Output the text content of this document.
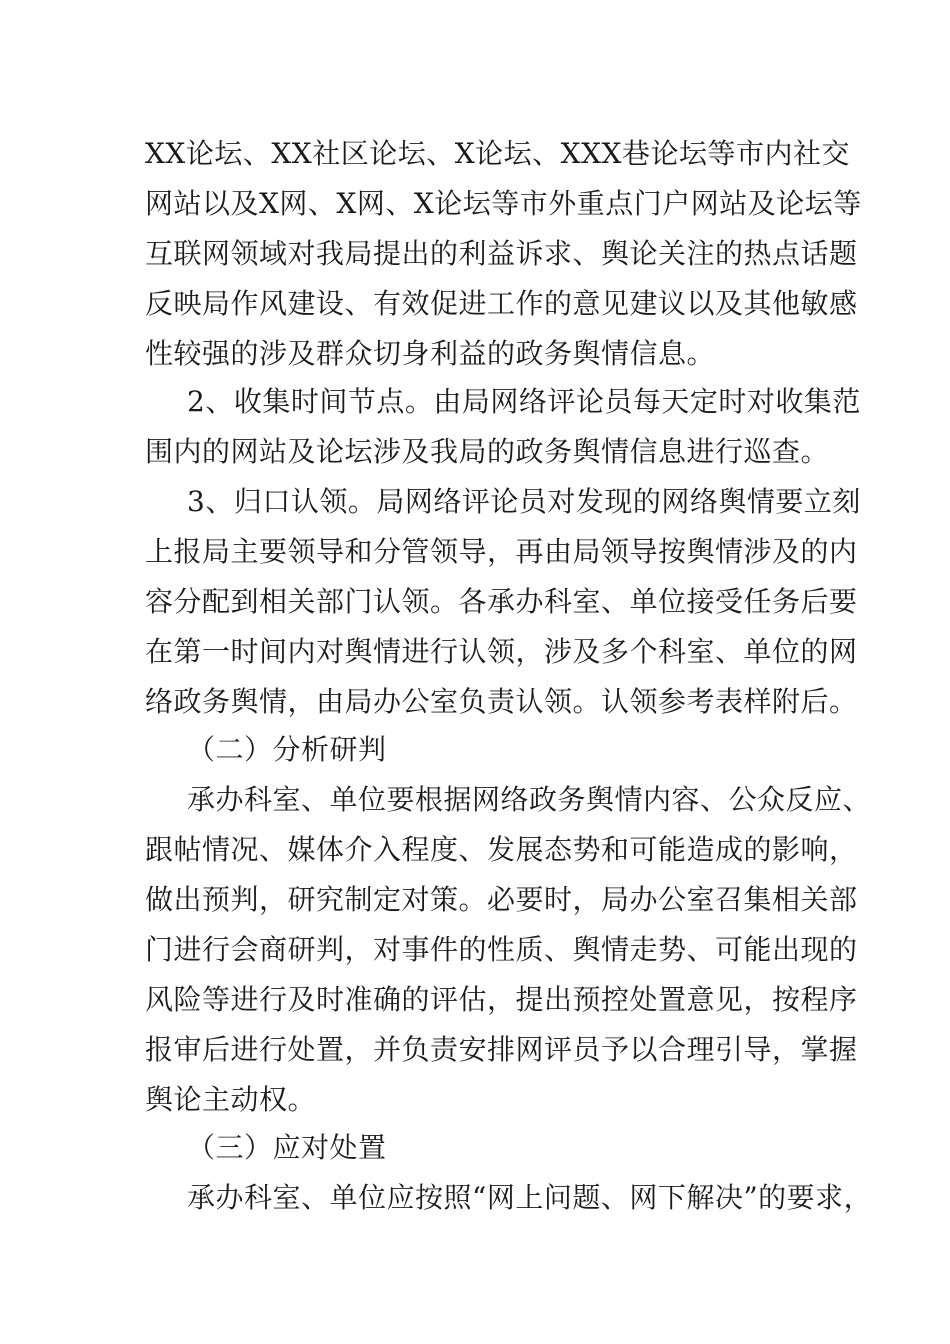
XX论坛、XX社区论坛、X论坛、XXX巷论坛等市内社交
网站以及X网、X网、X论坛等市外重点门户网站及论坛等
互联网领域对我局提出的利益诉求、舆论关注的热点话题
反映局作风建设、有效促进工作的意见建议以及其他敏感
性较强的涉及群众切身利益的政务舆情信息。
2、收集时间节点。由局网络评论员每天定时对收集范
围内的网站及论坛涉及我局的政务舆情信息进行巡查。
3、归口认领。局网络评论员对发现的网络舆情要立刻
上报局主要领导和分管领导，再由局领导按舆情涉及的内
容分配到相关部门认领。各承办科室、单位接受任务后要
在第一时间内对舆情进行认领，涉及多个科室、单位的网
络政务舆情，由局办公室负责认领。认领参考表样附后。
（二）分析研判
承办科室、单位要根据网络政务舆情内容、公众反应、
跟帖情况、媒体介入程度、发展态势和可能造成的影响，
做出预判，研究制定对策。必要时，局办公室召集相关部
门进行会商研判，对事件的性质、舆情走势、可能出现的
风险等进行及时准确的评估，提出预控处置意见，按程序
报审后进行处置，并负责安排网评员予以合理引导，掌握
舆论主动权。
（三）应对处置
承办科室、单位应按照“网上问题、网下解决”的要求，
